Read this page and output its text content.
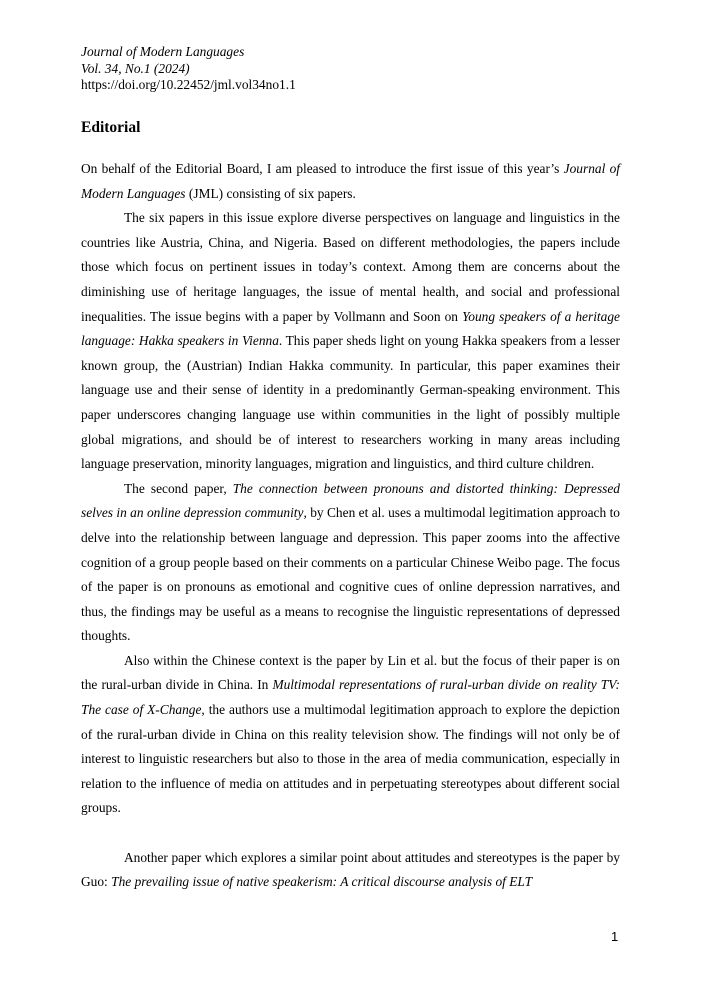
Journal of Modern Languages
Vol. 34, No.1 (2024)
https://doi.org/10.22452/jml.vol34no1.1
Editorial

On behalf of the Editorial Board, I am pleased to introduce the first issue of this year’s Journal of Modern Languages (JML) consisting of six papers.

The six papers in this issue explore diverse perspectives on language and linguistics in the countries like Austria, China, and Nigeria. Based on different methodologies, the papers include those which focus on pertinent issues in today’s context. Among them are concerns about the diminishing use of heritage languages, the issue of mental health, and social and professional inequalities. The issue begins with a paper by Vollmann and Soon on Young speakers of a heritage language: Hakka speakers in Vienna. This paper sheds light on young Hakka speakers from a lesser known group, the (Austrian) Indian Hakka community. In particular, this paper examines their language use and their sense of identity in a predominantly German-speaking environment. This paper underscores changing language use within communities in the light of possibly multiple global migrations, and should be of interest to researchers working in many areas including language preservation, minority languages, migration and linguistics, and third culture children.

The second paper, The connection between pronouns and distorted thinking: Depressed selves in an online depression community, by Chen et al. uses a multimodal legitimation approach to delve into the relationship between language and depression. This paper zooms into the affective cognition of a group people based on their comments on a particular Chinese Weibo page. The focus of the paper is on pronouns as emotional and cognitive cues of online depression narratives, and thus, the findings may be useful as a means to recognise the linguistic representations of depressed thoughts.

Also within the Chinese context is the paper by Lin et al. but the focus of their paper is on the rural-urban divide in China. In Multimodal representations of rural-urban divide on reality TV: The case of X-Change, the authors use a multimodal legitimation approach to explore the depiction of the rural-urban divide in China on this reality television show. The findings will not only be of interest to linguistic researchers but also to those in the area of media communication, especially in relation to the influence of media on attitudes and in perpetuating stereotypes about different social groups.

Another paper which explores a similar point about attitudes and stereotypes is the paper by Guo: The prevailing issue of native speakerism: A critical discourse analysis of ELT

1
